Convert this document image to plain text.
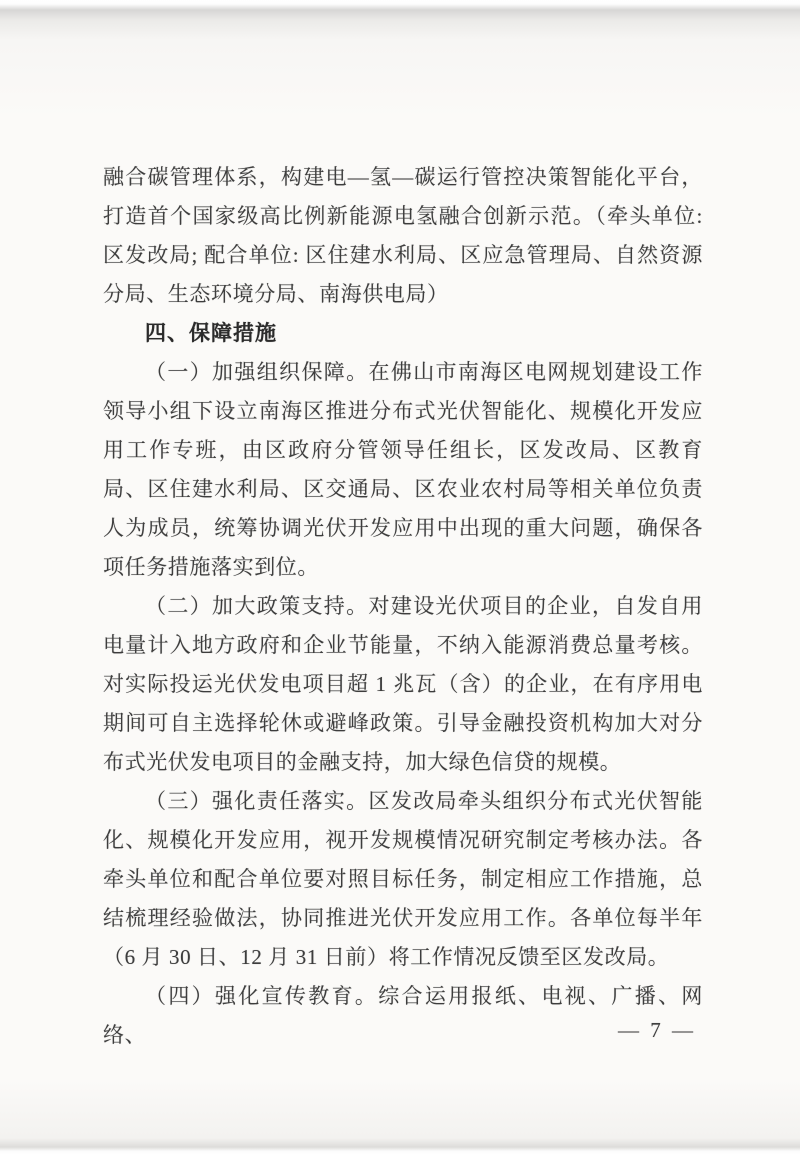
融合碳管理体系，构建电—氢—碳运行管控决策智能化平台，打造首个国家级高比例新能源电氢融合创新示范。（牵头单位: 区发改局; 配合单位: 区住建水利局、区应急管理局、自然资源分局、生态环境分局、南海供电局）

四、保障措施

（一）加强组织保障。在佛山市南海区电网规划建设工作领导小组下设立南海区推进分布式光伏智能化、规模化开发应用工作专班，由区政府分管领导任组长，区发改局、区教育局、区住建水利局、区交通局、区农业农村局等相关单位负责人为成员，统筹协调光伏开发应用中出现的重大问题，确保各项任务措施落实到位。

（二）加大政策支持。对建设光伏项目的企业，自发自用电量计入地方政府和企业节能量，不纳入能源消费总量考核。对实际投运光伏发电项目超 1 兆瓦（含）的企业，在有序用电期间可自主选择轮休或避峰政策。引导金融投资机构加大对分布式光伏发电项目的金融支持，加大绿色信贷的规模。

（三）强化责任落实。区发改局牵头组织分布式光伏智能化、规模化开发应用，视开发规模情况研究制定考核办法。各牵头单位和配合单位要对照目标任务，制定相应工作措施，总结梳理经验做法，协同推进光伏开发应用工作。各单位每半年（6 月 30 日、12 月 31 日前）将工作情况反馈至区发改局。

（四）强化宣传教育。综合运用报纸、电视、广播、网络、	— 7 —
